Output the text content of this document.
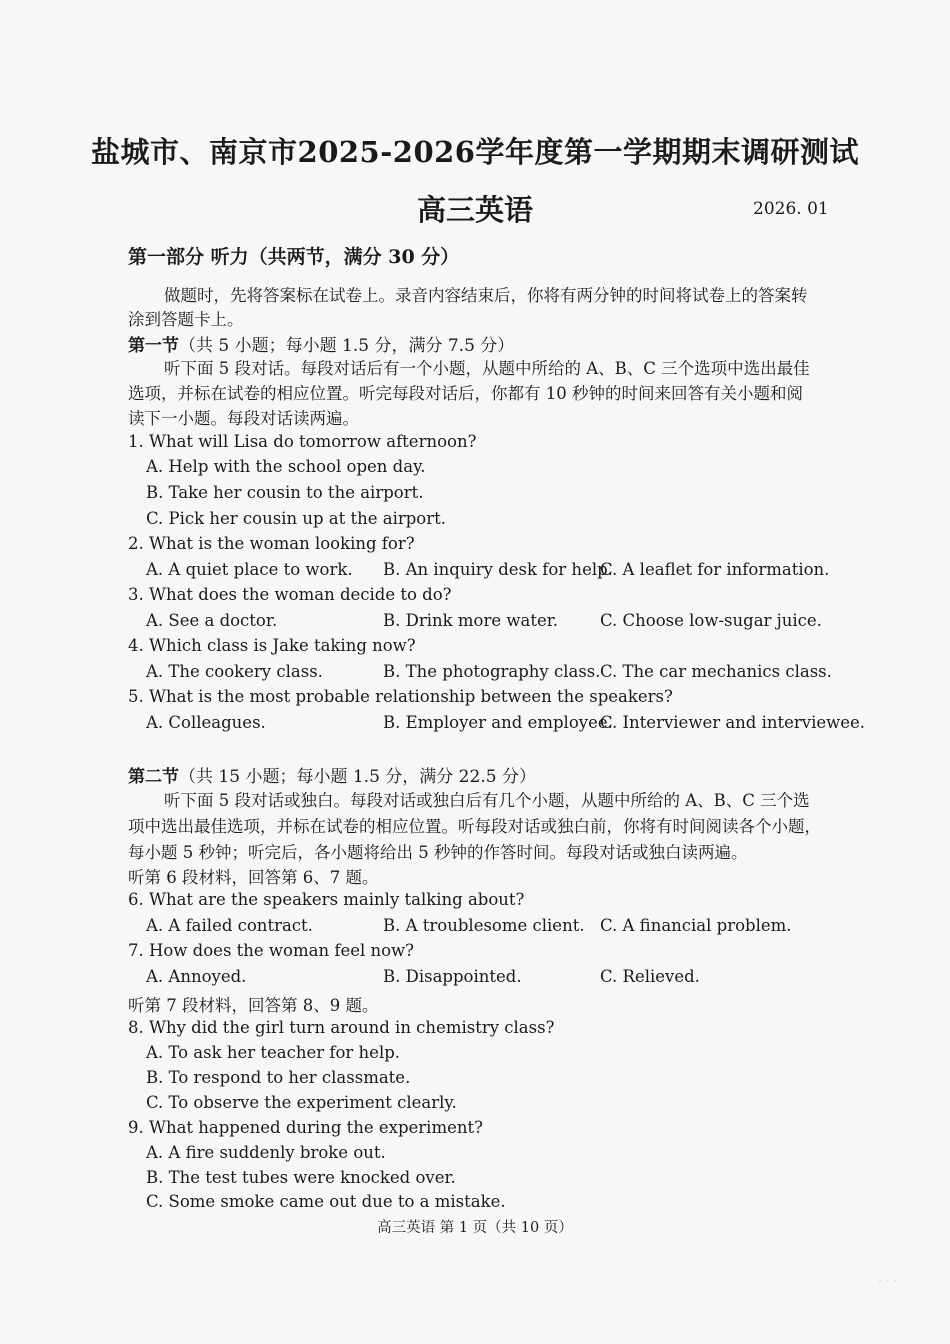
盐城市、南京市2025-2026学年度第一学期期末调研测试
高三英语	2026. 01
第一部分 听力（共两节，满分 30 分）
做题时，先将答案标在试卷上。录音内容结束后，你将有两分钟的时间将试卷上的答案转
涂到答题卡上。
第一节（共 5 小题；每小题 1.5 分，满分 7.5 分）
听下面 5 段对话。每段对话后有一个小题，从题中所给的 A、B、C 三个选项中选出最佳
选项，并标在试卷的相应位置。听完每段对话后，你都有 10 秒钟的时间来回答有关小题和阅
读下一小题。每段对话读两遍。
1. What will Lisa do tomorrow afternoon?
A. Help with the school open day.
B. Take her cousin to the airport.
C. Pick her cousin up at the airport.
2. What is the woman looking for?
A. A quiet place to work. B. An inquiry desk for help.
C. A leaflet for information.
3. What does the woman decide to do?
A. See a doctor.	B. Drink more water.	C. Choose low-sugar juice.
4. Which class is Jake taking now?
A. The cookery class.	B. The photography class. C. The car mechanics class.
5. What is the most probable relationship between the speakers?
A. Colleagues.	B. Employer and employee.
C. Interviewer and interviewee.
第二节（共 15 小题；每小题 1.5 分，满分 22.5 分）
听下面 5 段对话或独白。每段对话或独白后有几个小题，从题中所给的 A、B、C 三个选
项中选出最佳选项，并标在试卷的相应位置。听每段对话或独白前，你将有时间阅读各个小题，
每小题 5 秒钟；听完后，各小题将给出 5 秒钟的作答时间。每段对话或独白读两遍。
听第 6 段材料，回答第 6、7 题。
6. What are the speakers mainly talking about?
A. A failed contract.	B. A troublesome client. C. A financial problem.
7. How does the woman feel now?
A. Annoyed.	B. Disappointed.	C. Relieved.
听第 7 段材料，回答第 8、9 题。
8. Why did the girl turn around in chemistry class?
A. To ask her teacher for help.
B. To respond to her classmate.
C. To observe the experiment clearly.
9. What happened during the experiment?
A. A fire suddenly broke out.
B. The test tubes were knocked over.
C. Some smoke came out due to a mistake.
高三英语 第 1 页（共 10 页）
· · ·
